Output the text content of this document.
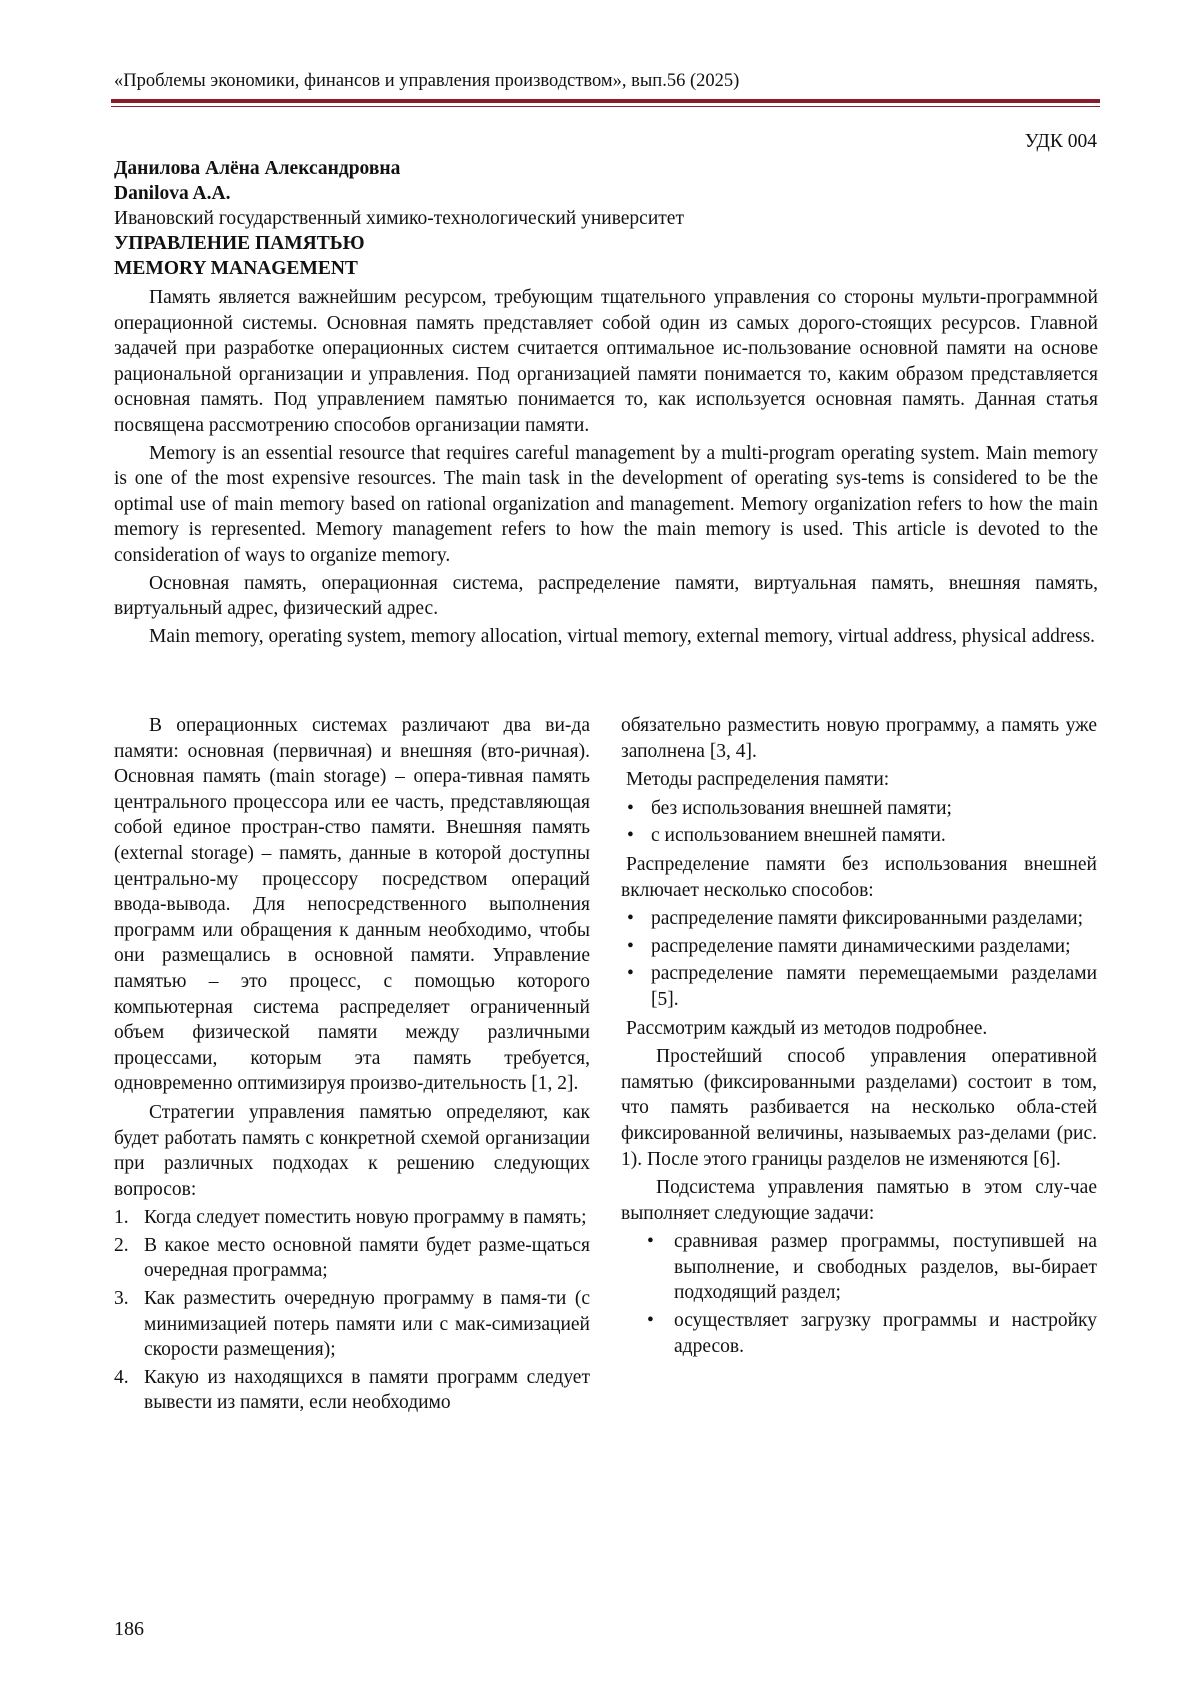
«Проблемы экономики, финансов и управления производством», вып.56 (2025)
УДК 004
Данилова Алёна Александровна
Danilova A.A.
Ивановский государственный химико-технологический университет
УПРАВЛЕНИЕ ПАМЯТЬЮ
MEMORY MANAGEMENT

Память является важнейшим ресурсом, требующим тщательного управления со стороны мульти-программной операционной системы. Основная память представляет собой один из самых дорого-стоящих ресурсов. Главной задачей при разработке операционных систем считается оптимальное ис-пользование основной памяти на основе рациональной организации и управления. Под организацией памяти понимается то, каким образом представляется основная память. Под управлением памятью понимается то, как используется основная память. Данная статья посвящена рассмотрению способов организации памяти.

Memory is an essential resource that requires careful management by a multi-program operating system. Main memory is one of the most expensive resources. The main task in the development of operating sys-tems is considered to be the optimal use of main memory based on rational organization and management. Memory organization refers to how the main memory is represented. Memory management refers to how the main memory is used. This article is devoted to the consideration of ways to organize memory.

Основная память, операционная система, распределение памяти, виртуальная память, внешняя память, виртуальный адрес, физический адрес.

Main memory, operating system, memory allocation, virtual memory, external memory, virtual address, physical address.

В операционных системах различают два ви-да памяти: основная (первичная) и внешняя (вто-ричная). Основная память (main storage) – опера-тивная память центрального процессора или ее часть, представляющая собой единое простран-ство памяти. Внешняя память (external storage) – память, данные в которой доступны центрально-му процессору посредством операций ввода-вывода. Для непосредственного выполнения программ или обращения к данным необходимо, чтобы они размещались в основной памяти. Управление памятью – это процесс, с помощью которого компьютерная система распределяет ограниченный объем физической памяти между различными процессами, которым эта память требуется, одновременно оптимизируя произво-дительность [1, 2].

Стратегии управления памятью определяют, как будет работать память с конкретной схемой организации при различных подходах к решению следующих вопросов:

1. Когда следует поместить новую программу в память;
2. В какое место основной памяти будет разме-щаться очередная программа;
3. Как разместить очередную программу в памя-ти (с минимизацией потерь памяти или с мак-симизацией скорости размещения);
4. Какую из находящихся в памяти программ следует вывести из памяти, если необходимо

обязательно разместить новую программу, а память уже заполнена [3, 4].

Методы распределения памяти:

• без использования внешней памяти;
• с использованием внешней памяти.

Распределение памяти без использования внешней включает несколько способов:

• распределение памяти фиксированными разделами;
• распределение памяти динамическими разделами;
• распределение памяти перемещаемыми разделами [5].

Рассмотрим каждый из методов подробнее.

Простейший способ управления оперативной памятью (фиксированными разделами) состоит в том, что память разбивается на несколько обла-стей фиксированной величины, называемых раз-делами (рис. 1). После этого границы разделов не изменяются [6].

Подсистема управления памятью в этом слу-чае выполняет следующие задачи:

• сравнивая размер программы, поступившей на выполнение, и свободных разделов, вы-бирает подходящий раздел;
• осуществляет загрузку программы и настройку адресов.
186
